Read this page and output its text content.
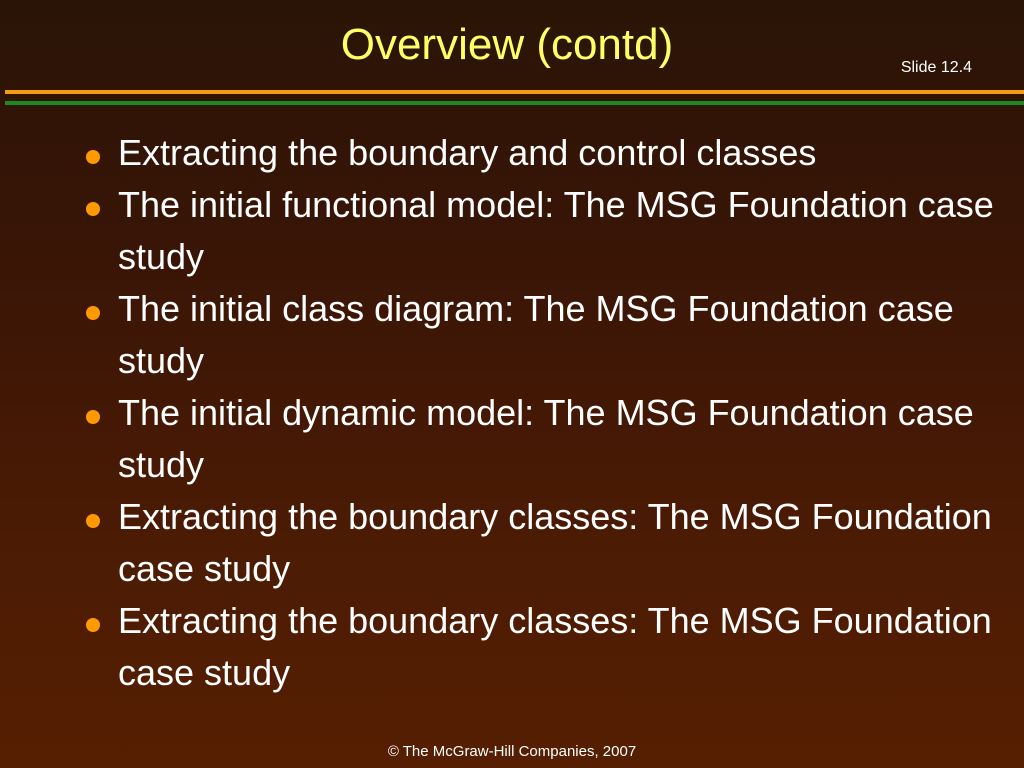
Overview (contd)	Slide 12.4
Extracting the boundary and control classes
The initial functional model: The MSG Foundation case study
The initial class diagram: The MSG Foundation case study
The initial dynamic model: The MSG Foundation case study
Extracting the boundary classes: The MSG Foundation case study
Extracting the boundary classes: The MSG Foundation case study
© The McGraw-Hill Companies, 2007
